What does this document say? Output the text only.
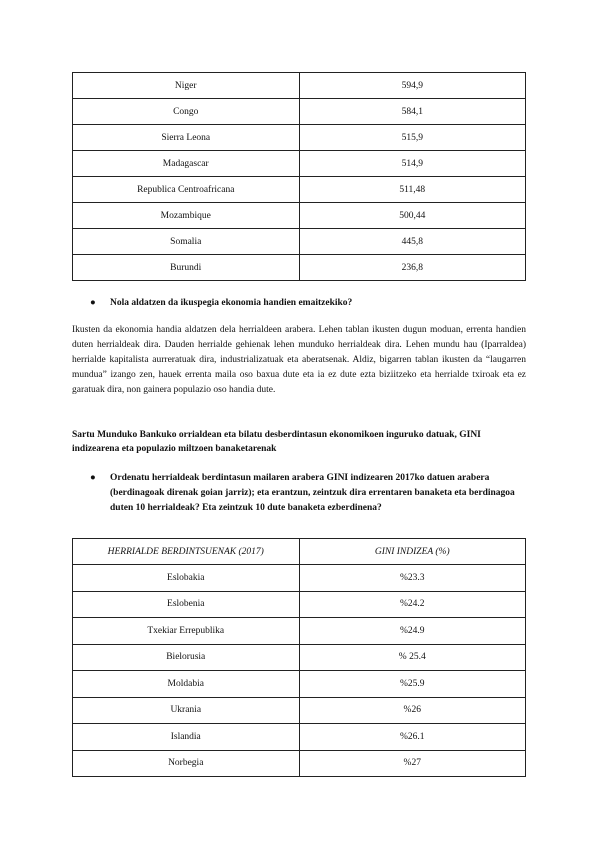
Niger	594,9
Congo	584,1
Sierra Leona	515,9
Madagascar	514,9
Republica Centroafricana	511,48
Mozambique	500,44
Somalia	445,8
Burundi	236,8
●	Nola aldatzen da ikuspegia ekonomia handien emaitzekiko?

Ikusten da ekonomia handia aldatzen dela herrialdeen arabera. Lehen tablan ikusten dugun moduan, errenta handien duten herrialdeak dira. Dauden herrialde gehienak lehen munduko herrialdeak dira. Lehen mundu hau (Iparraldea) herrialde kapitalista aurreratuak dira, industrializatuak eta aberatsenak. Aldiz, bigarren tablan ikusten da “laugarren mundua” izango zen, hauek errenta maila oso baxua dute eta ia ez dute ezta biziitzeko eta herrialde txiroak eta ez garatuak dira, non gainera populazio oso handia dute.

Sartu Munduko Bankuko orrialdean eta bilatu desberdintasun ekonomikoen inguruko datuak, GINI indizearena eta populazio miltzoen banaketarenak

●	Ordenatu herrialdeak berdintasun mailaren arabera GINI indizearen 2017ko datuen arabera (berdinagoak direnak goian jarriz); eta erantzun, zeintzuk dira errentaren banaketa eta berdinagoa duten 10 herrialdeak? Eta zeintzuk 10 dute banaketa ezberdinena?
HERRIALDE BERDINTSUENAK (2017)	GINI INDIZEA (%)
Eslobakia	%23.3
Eslobenia	%24.2
Txekiar Errepublika	%24.9
Bielorusia	% 25.4
Moldabia	%25.9
Ukrania	%26
Islandia	%26.1
Norbegia	%27
